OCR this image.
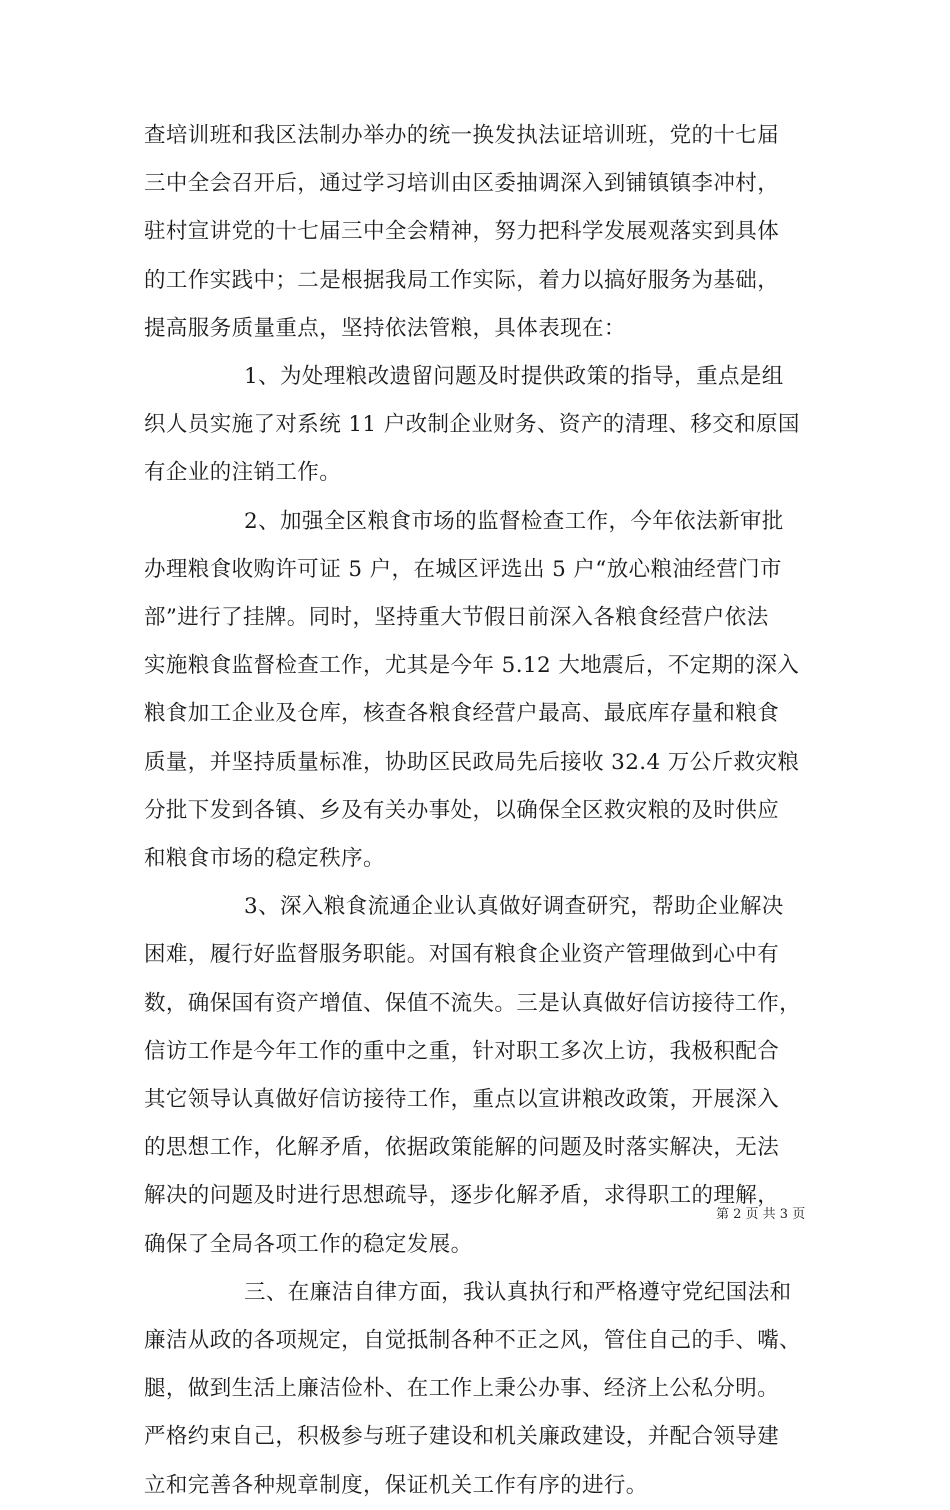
查培训班和我区法制办举办的统一换发执法证培训班，党的十七届
三中全会召开后，通过学习培训由区委抽调深入到铺镇镇李冲村，
驻村宣讲党的十七届三中全会精神，努力把科学发展观落实到具体
的工作实践中；二是根据我局工作实际，着力以搞好服务为基础，
提高服务质量重点，坚持依法管粮，具体表现在：
1、为处理粮改遗留问题及时提供政策的指导，重点是组
织人员实施了对系统 11 户改制企业财务、资产的清理、移交和原国
有企业的注销工作。
2、加强全区粮食市场的监督检查工作，今年依法新审批
办理粮食收购许可证 5 户，在城区评选出 5 户“放心粮油经营门市
部”进行了挂牌。同时，坚持重大节假日前深入各粮食经营户依法
实施粮食监督检查工作，尤其是今年 5.12 大地震后，不定期的深入
粮食加工企业及仓库，核查各粮食经营户最高、最底库存量和粮食
质量，并坚持质量标准，协助区民政局先后接收 32.4 万公斤救灾粮
分批下发到各镇、乡及有关办事处，以确保全区救灾粮的及时供应
和粮食市场的稳定秩序。
3、深入粮食流通企业认真做好调查研究，帮助企业解决
困难，履行好监督服务职能。对国有粮食企业资产管理做到心中有
数，确保国有资产增值、保值不流失。三是认真做好信访接待工作，
信访工作是今年工作的重中之重，针对职工多次上访，我极积配合
其它领导认真做好信访接待工作，重点以宣讲粮改政策，开展深入
的思想工作，化解矛盾，依据政策能解的问题及时落实解决，无法
解决的问题及时进行思想疏导，逐步化解矛盾，求得职工的理解，
确保了全局各项工作的稳定发展。
三、在廉洁自律方面，我认真执行和严格遵守党纪国法和
廉洁从政的各项规定，自觉抵制各种不正之风，管住自己的手、嘴、
腿，做到生活上廉洁俭朴、在工作上秉公办事、经济上公私分明。
严格约束自己，积极参与班子建设和机关廉政建设，并配合领导建
立和完善各种规章制度，保证机关工作有序的进行。
第 2 页 共 3 页
